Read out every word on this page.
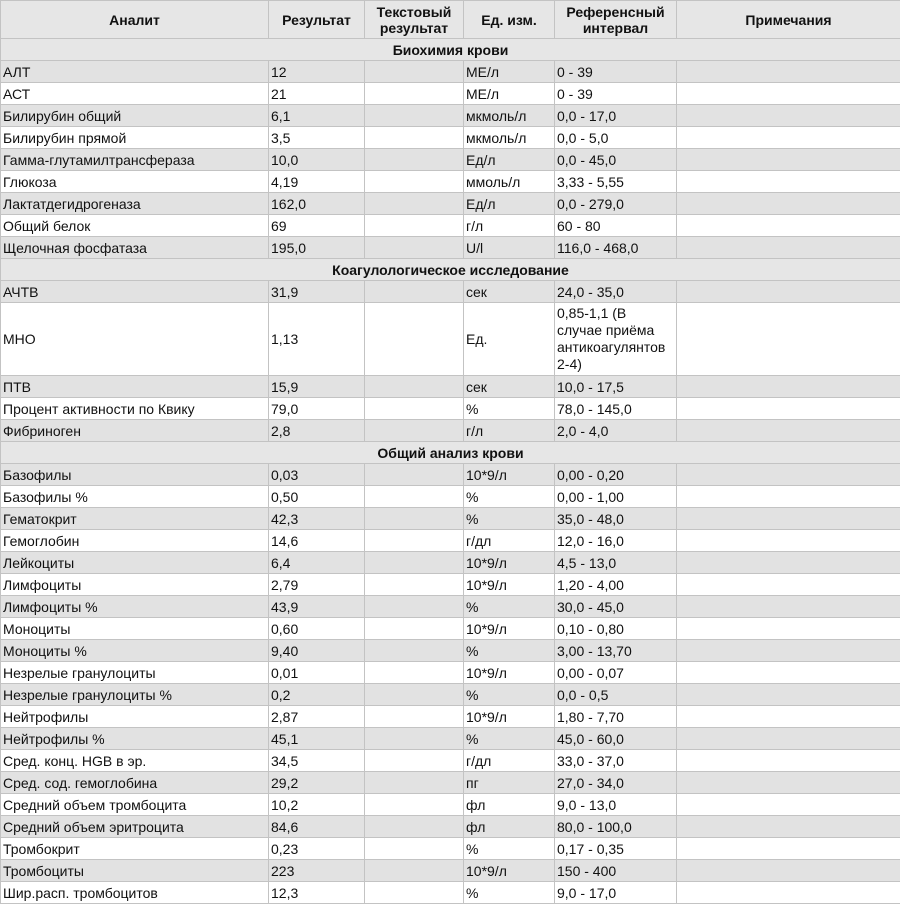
Аналит	Результат	Текстовый результат	Ед. изм.	Референсный интервал	Примечания
Биохимия крови					
АЛТ	12		МЕ/л	0 - 39	
АСТ	21		МЕ/л	0 - 39	
Билирубин общий	6,1		мкмоль/л	0,0 - 17,0	
Билирубин прямой	3,5		мкмоль/л	0,0 - 5,0	
Гамма-глутамилтрансфераза	10,0		Ед/л	0,0 - 45,0	
Глюкоза	4,19		ммоль/л	3,33 - 5,55	
Лактатдегидрогеназа	162,0		Ед/л	0,0 - 279,0	
Общий белок	69		г/л	60 - 80	
Щелочная фосфатаза	195,0		U/l	116,0 - 468,0	
Коагулологическое исследование					
АЧТВ	31,9		сек	24,0 - 35,0	
МНО	1,13		Ед.	0,85-1,1 (В случае приёма антикоагулянтов 2-4)	
ПТВ	15,9		сек	10,0 - 17,5	
Процент активности по Квику	79,0		%	78,0 - 145,0	
Фибриноген	2,8		г/л	2,0 - 4,0	
Общий анализ крови					
Базофилы	0,03		10*9/л	0,00 - 0,20	
Базофилы %	0,50		%	0,00 - 1,00	
Гематокрит	42,3		%	35,0 - 48,0	
Гемоглобин	14,6		г/дл	12,0 - 16,0	
Лейкоциты	6,4		10*9/л	4,5 - 13,0	
Лимфоциты	2,79		10*9/л	1,20 - 4,00	
Лимфоциты %	43,9		%	30,0 - 45,0	
Моноциты	0,60		10*9/л	0,10 - 0,80	
Моноциты %	9,40		%	3,00 - 13,70	
Незрелые гранулоциты	0,01		10*9/л	0,00 - 0,07	
Незрелые гранулоциты %	0,2		%	0,0 - 0,5	
Нейтрофилы	2,87		10*9/л	1,80 - 7,70	
Нейтрофилы %	45,1		%	45,0 - 60,0	
Сред. конц. HGB в эр.	34,5		г/дл	33,0 - 37,0	
Сред. сод. гемоглобина	29,2		пг	27,0 - 34,0	
Средний объем тромбоцита	10,2		фл	9,0 - 13,0	
Средний объем эритроцита	84,6		фл	80,0 - 100,0	
Тромбокрит	0,23		%	0,17 - 0,35	
Тромбоциты	223		10*9/л	150 - 400	
Шир.расп. тромбоцитов	12,3		%	9,0 - 17,0	
